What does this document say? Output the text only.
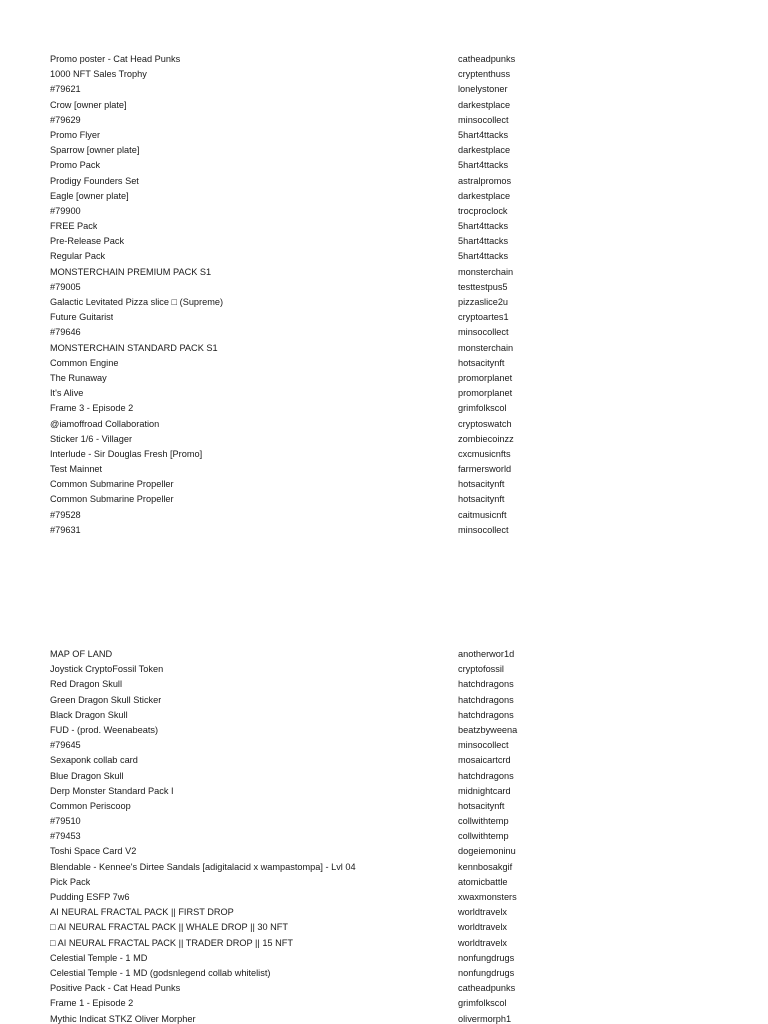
Promo poster - Cat Head Punks	catheadpunks
1000 NFT Sales Trophy	cryptenthuss
#79621	lonelystoner
Crow [owner plate]	darkestplace
#79629	minsocollect
Promo Flyer	5hart4ttacks
Sparrow [owner plate]	darkestplace
Promo Pack	5hart4ttacks
Prodigy Founders Set	astralpromos
Eagle [owner plate]	darkestplace
#79900	trocproclock
FREE Pack	5hart4ttacks
Pre-Release Pack	5hart4ttacks
Regular Pack	5hart4ttacks
MONSTERCHAIN PREMIUM PACK S1	monsterchain
#79005	testtestpus5
Galactic Levitated Pizza slice □ (Supreme)	pizzaslice2u
Future Guitarist	cryptoartes1
#79646	minsocollect
MONSTERCHAIN STANDARD PACK S1	monsterchain
Common Engine	hotsacitynft
The Runaway	promorplanet
It's Alive	promorplanet
Frame 3 - Episode 2	grimfolkscol
@iamoffroad Collaboration	cryptoswatch
Sticker 1/6 - Villager	zombiecoinzz
Interlude - Sir Douglas Fresh [Promo]	cxcmusicnfts
Test Mainnet	farmersworld
Common Submarine Propeller	hotsacitynft
Common Submarine Propeller	hotsacitynft
#79528	caitmusicnft
#79631	minsocollect
MAP OF LAND	anotherwor1d
Joystick CryptoFossil Token	cryptofossil
Red Dragon Skull	hatchdragons
Green Dragon Skull Sticker	hatchdragons
Black Dragon Skull	hatchdragons
FUD - (prod. Weenabeats)	beatzbyweena
#79645	minsocollect
Sexaponk collab card	mosaicartcrd
Blue Dragon Skull	hatchdragons
Derp Monster Standard Pack I	midnightcard
Common Periscoop	hotsacitynft
#79510	collwithtemp
#79453	collwithtemp
Toshi Space Card V2	dogeiemoninu
Blendable - Kennee's Dirtee Sandals [adigitalacid x wampastompa] - Lvl 04	kennbosakgif
Pick Pack	atomicbattle
Pudding ESFP 7w6	xwaxmonsters
AI NEURAL FRACTAL PACK || FIRST DROP	worldtravelx
□ AI NEURAL FRACTAL PACK || WHALE DROP || 30 NFT	worldtravelx
□ AI NEURAL FRACTAL PACK || TRADER DROP || 15 NFT	worldtravelx
Celestial Temple - 1 MD	nonfungdrugs
Celestial Temple - 1 MD (godsnlegend collab whitelist)	nonfungdrugs
Positive Pack - Cat Head Punks	catheadpunks
Frame 1 - Episode 2	grimfolkscol
Mythic Indicat STKZ Oliver Morpher	olivermorph1
